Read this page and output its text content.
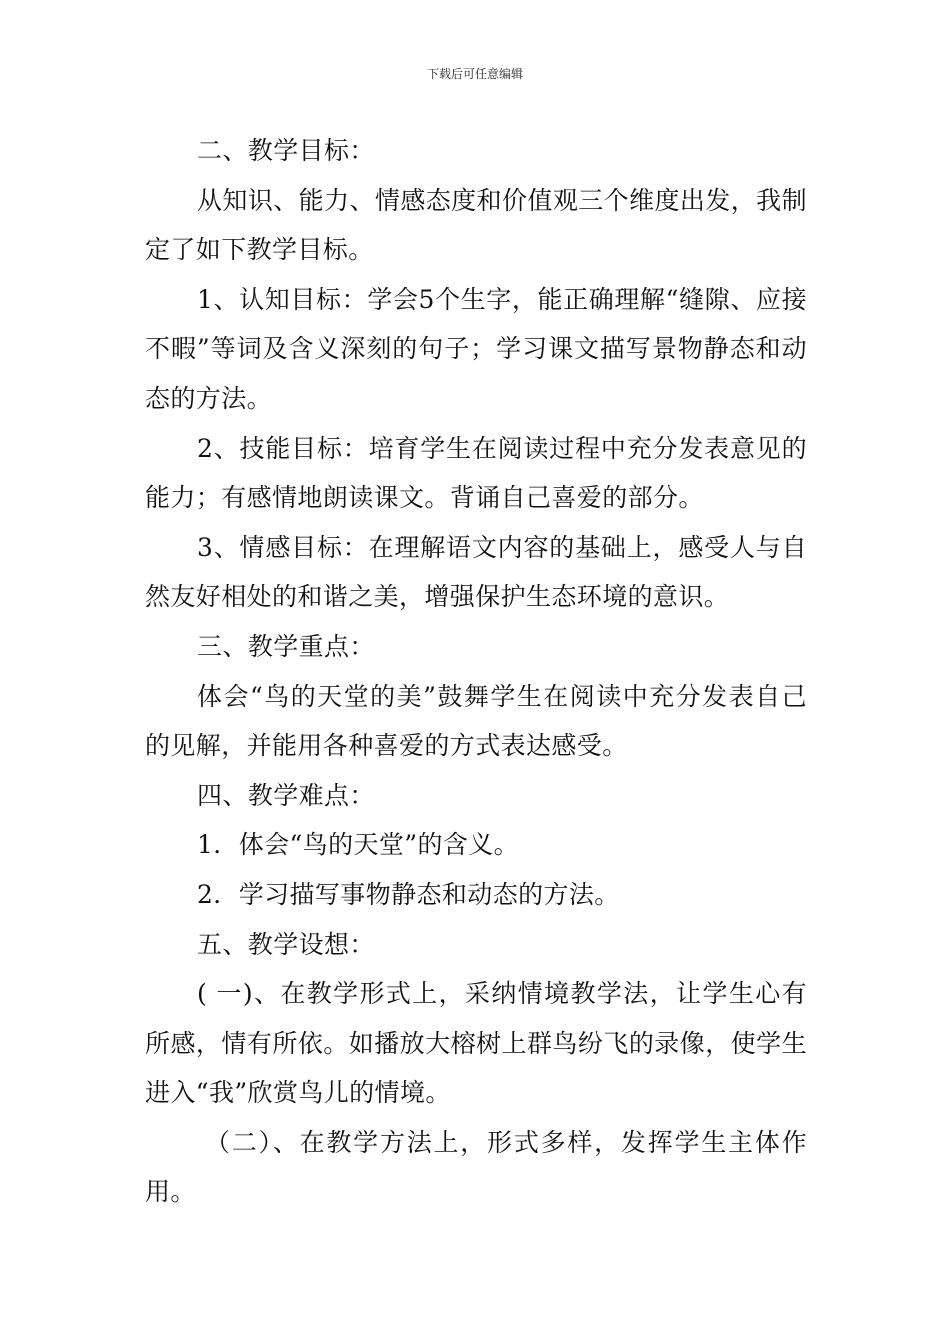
下载后可任意编辑

二、教学目标：

从知识、能力、情感态度和价值观三个维度出发，我制定了如下教学目标。

1、认知目标：学会5个生字，能正确理解“缝隙、应接不暇”等词及含义深刻的句子；学习课文描写景物静态和动态的方法。

2、技能目标：培育学生在阅读过程中充分发表意见的能力；有感情地朗读课文。背诵自己喜爱的部分。

3、情感目标：在理解语文内容的基础上，感受人与自然友好相处的和谐之美，增强保护生态环境的意识。

三、教学重点：

体会“鸟的天堂的美”鼓舞学生在阅读中充分发表自己的见解，并能用各种喜爱的方式表达感受。

四、教学难点：

1．体会“鸟的天堂”的含义。

2．学习描写事物静态和动态的方法。

五、教学设想：

( 一)、在教学形式上，采纳情境教学法，让学生心有所感，情有所依。如播放大榕树上群鸟纷飞的录像，使学生进入“我”欣赏鸟儿的情境。

（二）、在教学方法上，形式多样，发挥学生主体作用。
